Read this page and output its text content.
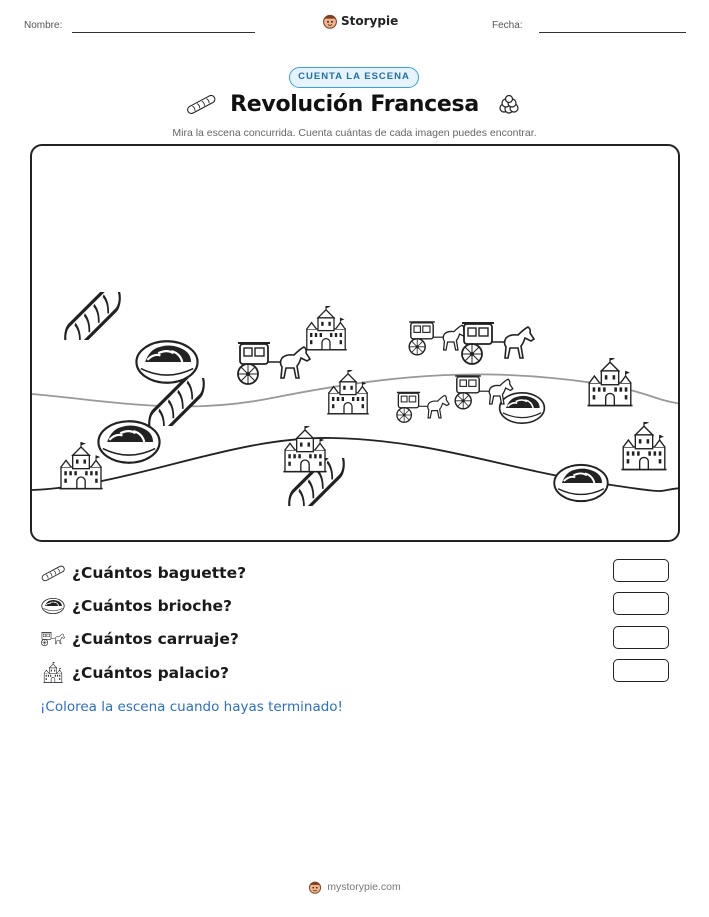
Nombre:	Storypie	Fecha:
CUENTA LA ESCENA
Revolución Francesa
Mira la escena concurrida. Cuenta cuántas de cada imagen puedes encontrar.
¿Cuántos baguette?
¿Cuántos brioche?
¿Cuántos carruaje?
¿Cuántos palacio?
¡Colorea la escena cuando hayas terminado!
mystorypie.com
